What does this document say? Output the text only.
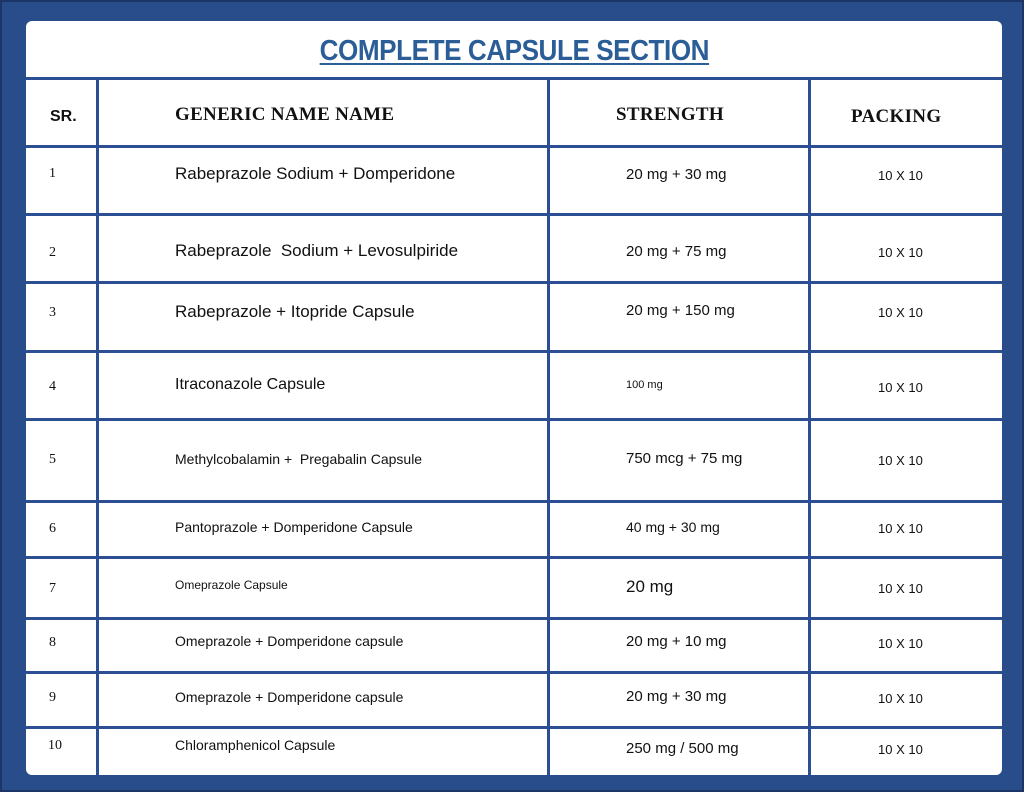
COMPLETE CAPSULE SECTION
SR.	GENERIC NAME NAME	STRENGTH	PACKING
1	Rabeprazole Sodium + Domperidone	20 mg + 30 mg	10 X 10
2	Rabeprazole  Sodium + Levosulpiride	20 mg + 75 mg	10 X 10
3	Rabeprazole + Itopride Capsule	20 mg + 150 mg	10 X 10
4	Itraconazole Capsule	100 mg	10 X 10
5	Methylcobalamin +  Pregabalin Capsule	750 mcg + 75 mg	10 X 10
6	Pantoprazole + Domperidone Capsule	40 mg + 30 mg	10 X 10
7	Omeprazole Capsule	20 mg	10 X 10
8	Omeprazole + Domperidone capsule	20 mg + 10 mg	10 X 10
9	Omeprazole + Domperidone capsule	20 mg + 30 mg	10 X 10
10	Chloramphenicol Capsule	250 mg / 500 mg	10 X 10
